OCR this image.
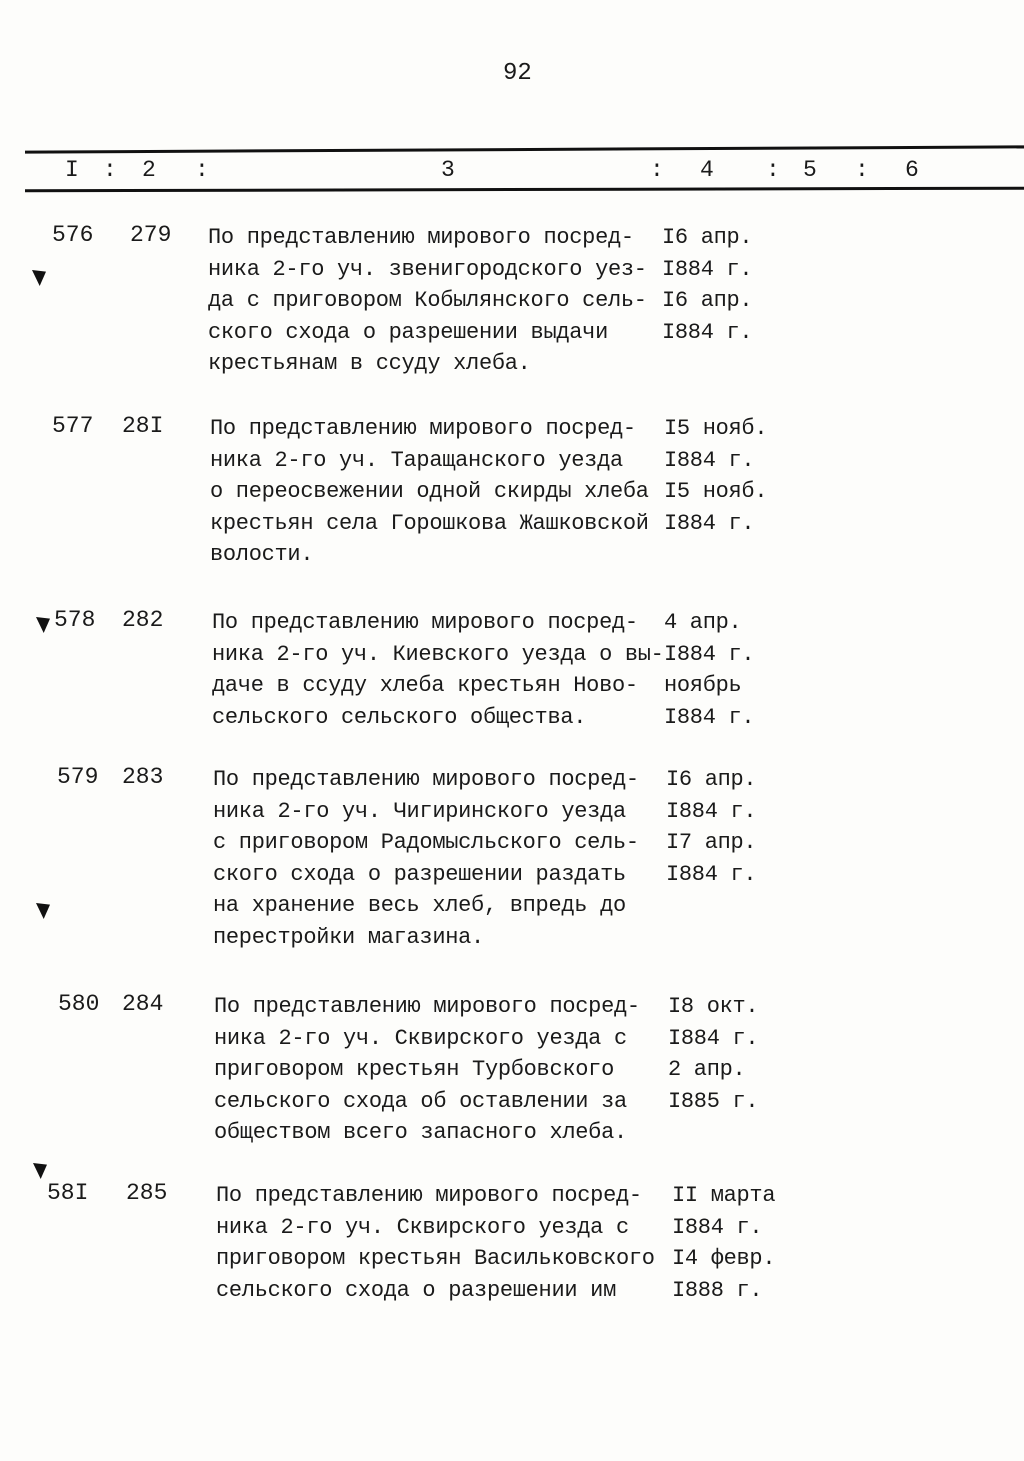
92
I : 2 :	3	: 4 : 5 : 6
576 279 По представлению мирового посред-
ника 2-го уч. звенигородского уез-
да с приговором Кобылянского сель-
ского схода о разрешении выдачи
крестьянам в ссуду хлеба.
I6 апр.
I884 г.
I6 апр.
I884 г.
577 28I По представлению мирового посред-
ника 2-го уч. Таращанского уезда
о переосвежении одной скирды хлеба
крестьян села Горошкова Жашковской
волости.
I5 нояб.
I884 г.
I5 нояб.
I884 г.
578 282 По представлению мирового посред-
ника 2-го уч. Киевского уезда о вы-
даче в ссуду хлеба крестьян Ново-
сельского сельского общества.
4 апр.
I884 г.
ноябрь
I884 г.
579 283 По представлению мирового посред-
ника 2-го уч. Чигиринского уезда
с приговором Радомысльского сель-
ского схода о разрешении раздать
на хранение весь хлеб, впредь до
перестройки магазина.
I6 апр.
I884 г.
I7 апр.
I884 г.
580 284 По представлению мирового посред-
ника 2-го уч. Сквирского уезда с
приговором крестьян Турбовского
сельского схода об оставлении за
обществом всего запасного хлеба.
I8 окт.
I884 г.
2 апр.
I885 г.
58I 285 По представлению мирового посред-
ника 2-го уч. Сквирского уезда с
приговором крестьян Васильковского
сельского схода о разрешении им
II марта
I884 г.
I4 февр.
I888 г.
